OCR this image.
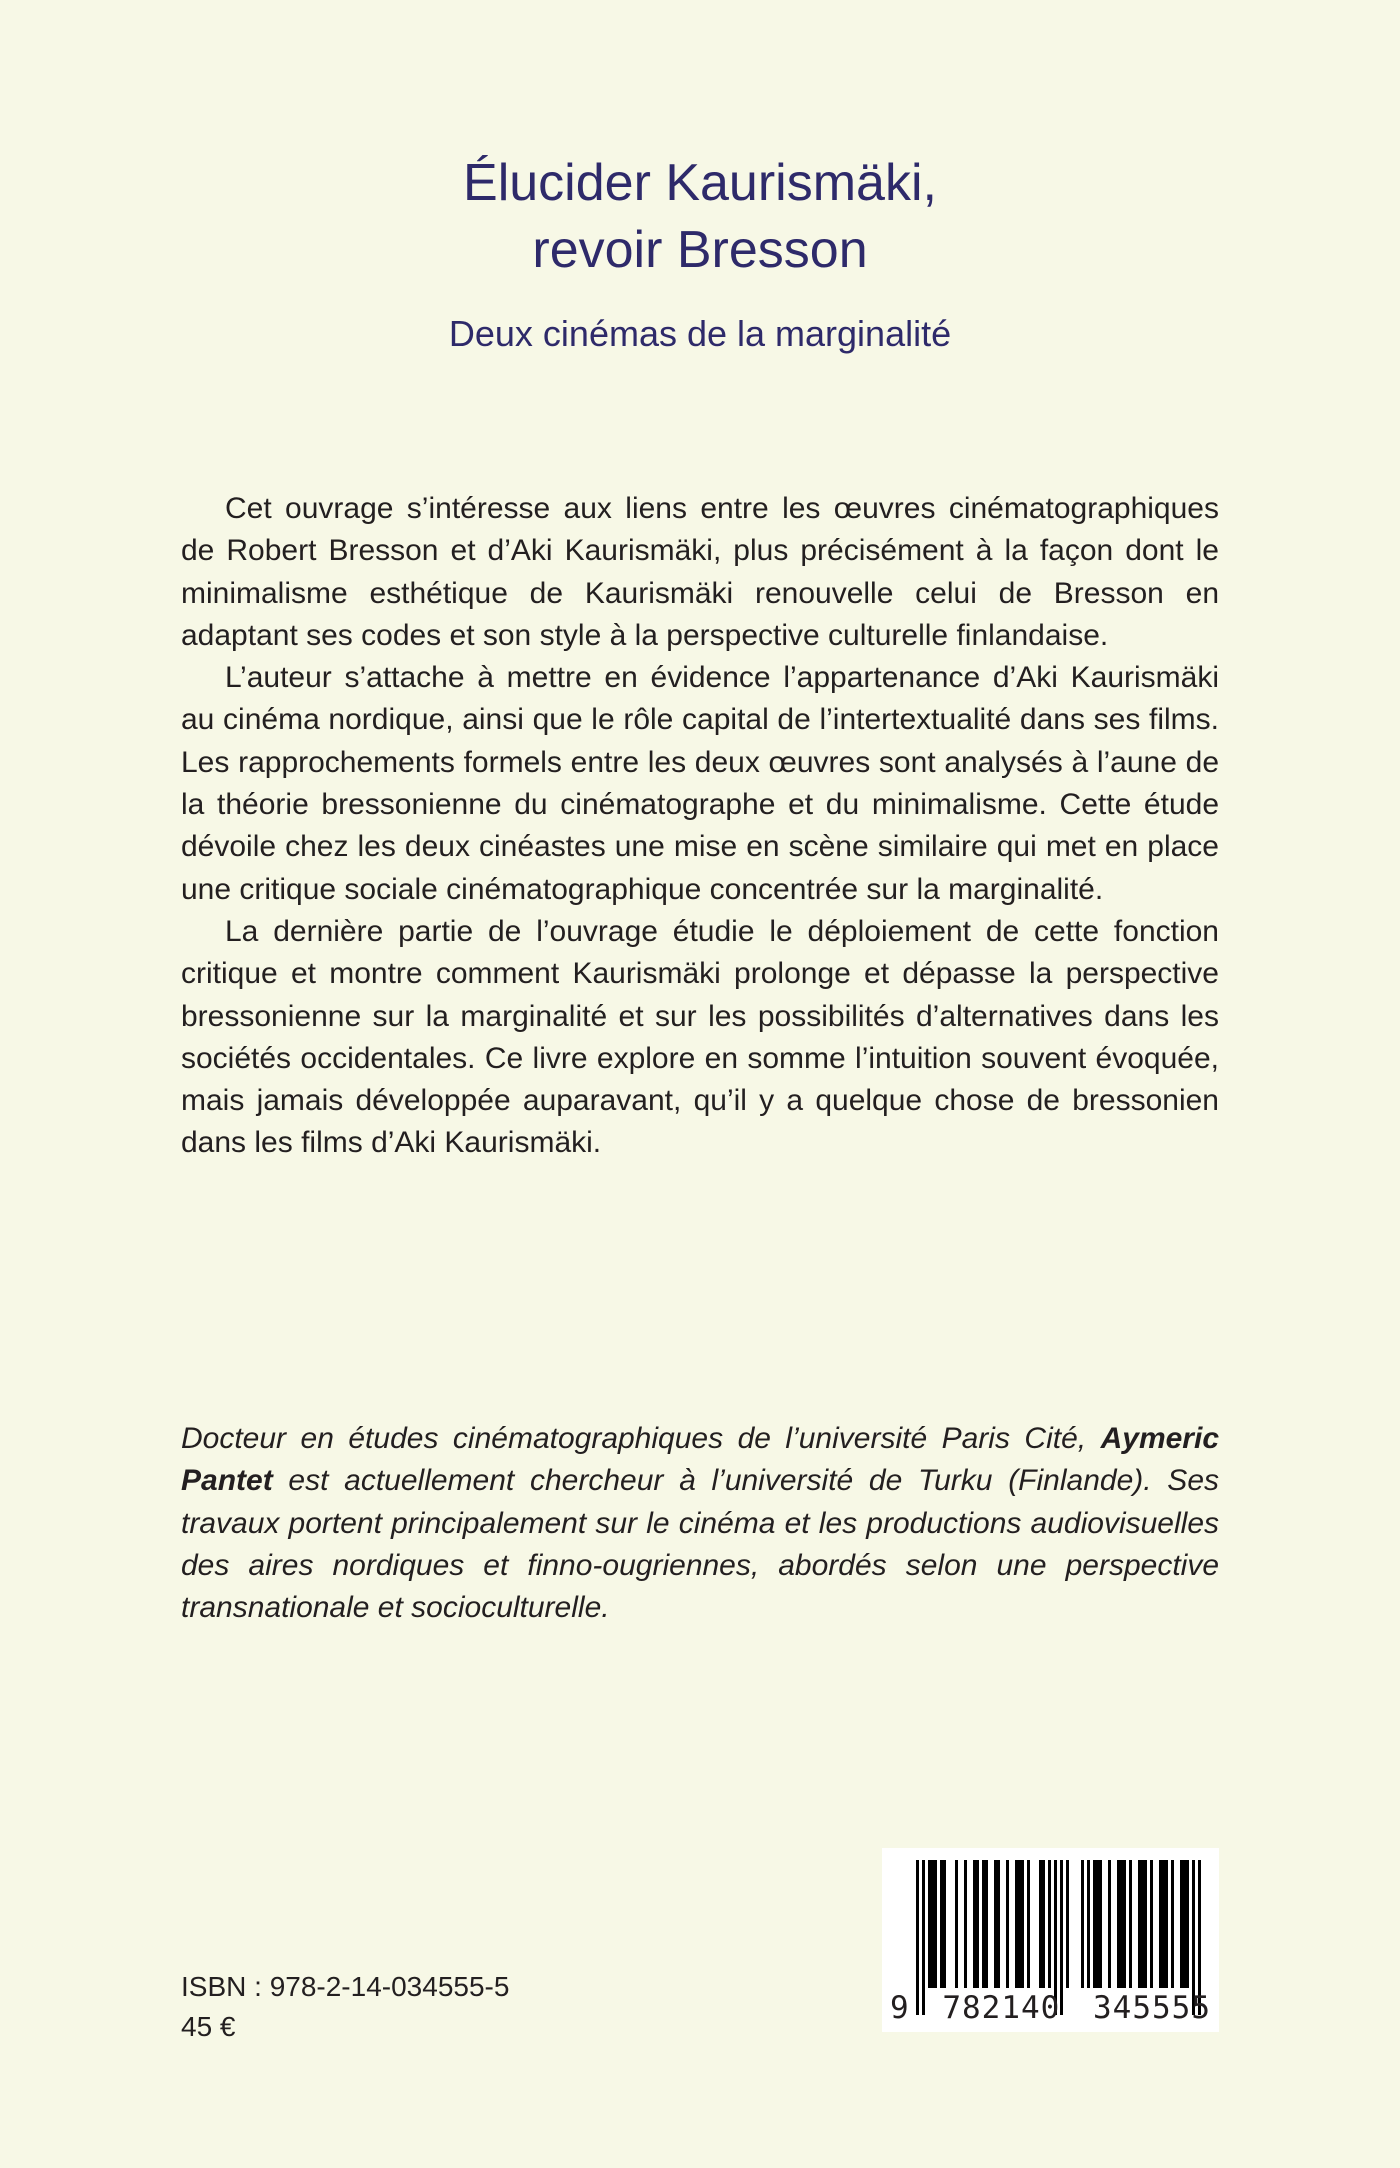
Élucider Kaurismäki,
revoir Bresson
Deux cinémas de la marginalité

Cet ouvrage s’intéresse aux liens entre les œuvres cinématographiques de Robert Bresson et d’Aki Kaurismäki, plus précisément à la façon dont le minimalisme esthétique de Kaurismäki renouvelle celui de Bresson en adaptant ses codes et son style à la perspective culturelle finlandaise.

L’auteur s’attache à mettre en évidence l’appartenance d’Aki Kaurismäki au cinéma nordique, ainsi que le rôle capital de l’intertextualité dans ses films. Les rapprochements formels entre les deux œuvres sont analysés à l’aune de la théorie bressonienne du cinématographe et du minimalisme. Cette étude dévoile chez les deux cinéastes une mise en scène similaire qui met en place une critique sociale cinématographique concentrée sur la marginalité.

La dernière partie de l’ouvrage étudie le déploiement de cette fonction critique et montre comment Kaurismäki prolonge et dépasse la perspective bressonienne sur la marginalité et sur les possibilités d’alternatives dans les sociétés occidentales. Ce livre explore en somme l’intuition souvent évoquée, mais jamais développée auparavant, qu’il y a quelque chose de bressonien dans les films d’Aki Kaurismäki.

Docteur en études cinématographiques de l’université Paris Cité, Aymeric Pantet est actuellement chercheur à l’université de Turku (Finlande). Ses travaux portent principalement sur le cinéma et les productions audiovisuelles des aires nordiques et finno-ougriennes, abordés selon une perspective transnationale et socioculturelle.
ISBN : 978-2-14-034555-5
45 €
9 782140 345555
